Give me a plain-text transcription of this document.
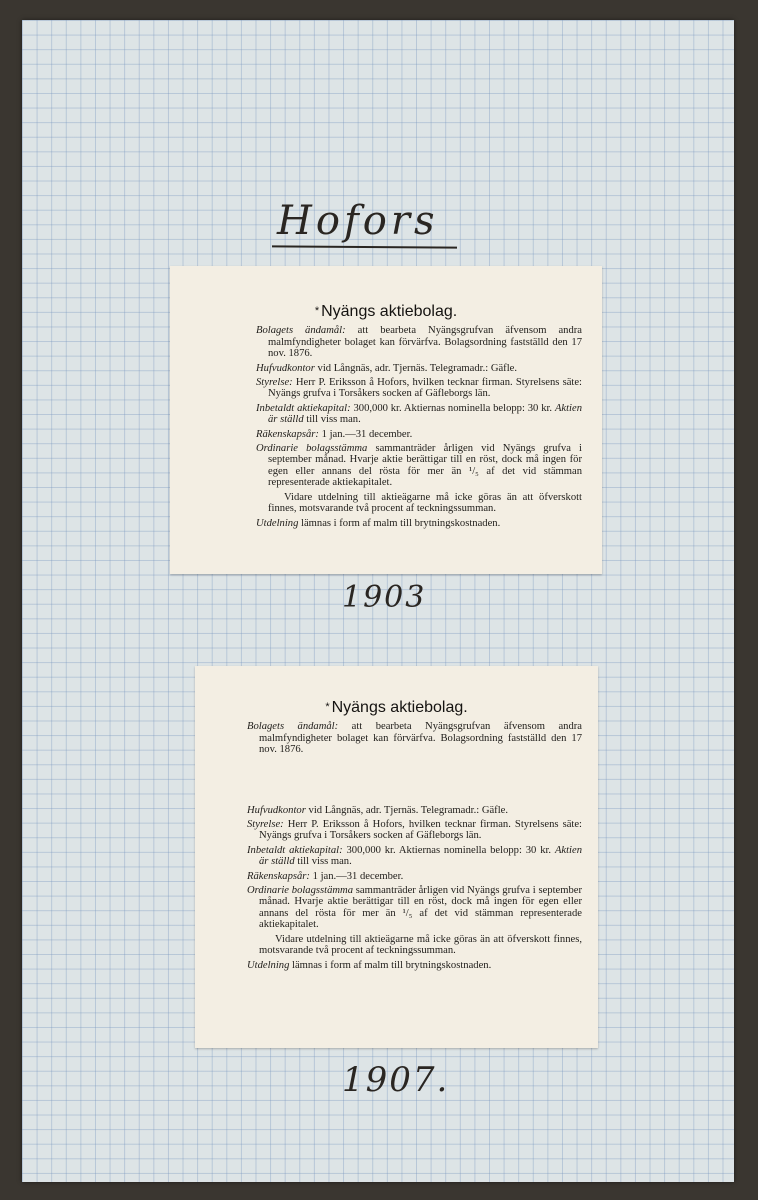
Hofors
* Nyängs aktiebolag.

Bolagets ändamål: att bearbeta Nyängsgrufvan äfvensom andra malmfyndigheter bolaget kan förvärfva. Bolagsordning fastställd den 17 nov. 1876.

Hufvudkontor vid Långnäs, adr. Tjernäs. Telegramadr.: Gäfle.

Styrelse: Herr P. Eriksson å Hofors, hvilken tecknar firman. Styrelsens säte: Nyängs grufva i Torsåkers socken af Gäfleborgs län.

Inbetaldt aktiekapital: 300,000 kr. Aktiernas nominella belopp: 30 kr. Aktien är ställd till viss man.

Räkenskapsår: 1 jan.—31 december.

Ordinarie bolagsstämma sammanträder årligen vid Nyängs grufva i september månad. Hvarje aktie berättigar till en röst, dock må ingen för egen eller annans del rösta för mer än ¹/₅ af det vid stämman representerade aktiekapitalet.

Vidare utdelning till aktieägarne må icke göras än att öfverskott finnes, motsvarande två procent af teckningssumman.

Utdelning lämnas i form af malm till brytningskostnaden.

1903
* Nyängs aktiebolag.

Bolagets ändamål: att bearbeta Nyängsgrufvan äfvensom andra malmfyndigheter bolaget kan förvärfva. Bolagsordning fastställd den 17 nov. 1876.

Hufvudkontor vid Långnäs, adr. Tjernäs. Telegramadr.: Gäfle.

Styrelse: Herr P. Eriksson å Hofors, hvilken tecknar firman. Styrelsens säte: Nyängs grufva i Torsåkers socken af Gäfleborgs län.

Inbetaldt aktiekapital: 300,000 kr. Aktiernas nominella belopp: 30 kr. Aktien är ställd till viss man.

Räkenskapsår: 1 jan.—31 december.

Ordinarie bolagsstämma sammanträder årligen vid Nyängs grufva i september månad. Hvarje aktie berättigar till en röst, dock må ingen för egen eller annans del rösta för mer än ¹/₅ af det vid stämman representerade aktiekapitalet.

Vidare utdelning till aktieägarne må icke göras än att öfverskott finnes, motsvarande två procent af teckningssumman.

Utdelning lämnas i form af malm till brytningskostnaden.

1907.
